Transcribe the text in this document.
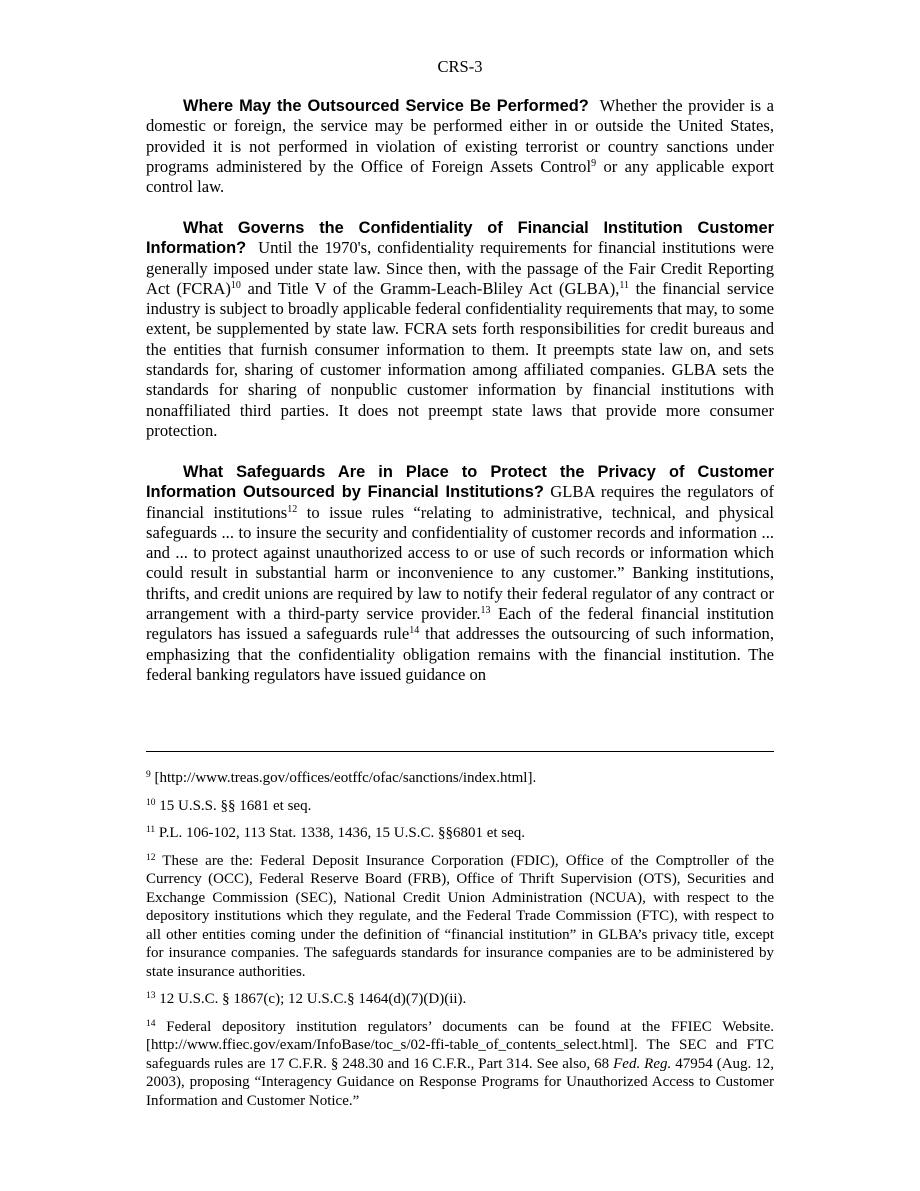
CRS-3

Where May the Outsourced Service Be Performed? Whether the provider is a domestic or foreign, the service may be performed either in or outside the United States, provided it is not performed in violation of existing terrorist or country sanctions under programs administered by the Office of Foreign Assets Control$^9$ or any applicable export control law.

What Governs the Confidentiality of Financial Institution Customer Information? Until the 1970's, confidentiality requirements for financial institutions were generally imposed under state law. Since then, with the passage of the Fair Credit Reporting Act (FCRA)$^{10}$ and Title V of the Gramm-Leach-Bliley Act (GLBA),$^{11}$ the financial service industry is subject to broadly applicable federal confidentiality requirements that may, to some extent, be supplemented by state law. FCRA sets forth responsibilities for credit bureaus and the entities that furnish consumer information to them. It preempts state law on, and sets standards for, sharing of customer information among affiliated companies. GLBA sets the standards for sharing of nonpublic customer information by financial institutions with nonaffiliated third parties. It does not preempt state laws that provide more consumer protection.

What Safeguards Are in Place to Protect the Privacy of Customer Information Outsourced by Financial Institutions? GLBA requires the regulators of financial institutions$^{12}$ to issue rules “relating to administrative, technical, and physical safeguards ... to insure the security and confidentiality of customer records and information ... and ... to protect against unauthorized access to or use of such records or information which could result in substantial harm or inconvenience to any customer.” Banking institutions, thrifts, and credit unions are required by law to notify their federal regulator of any contract or arrangement with a third-party service provider.$^{13}$ Each of the federal financial institution regulators has issued a safeguards rule$^{14}$ that addresses the outsourcing of such information, emphasizing that the confidentiality obligation remains with the financial institution. The federal banking regulators have issued guidance on

$^9$ [http://www.treas.gov/offices/eotffc/ofac/sanctions/index.html].

$^{10}$ 15 U.S.S. §§ 1681 et seq.

$^{11}$ P.L. 106-102, 113 Stat. 1338, 1436, 15 U.S.C. §§6801 et seq.

$^{12}$ These are the: Federal Deposit Insurance Corporation (FDIC), Office of the Comptroller of the Currency (OCC), Federal Reserve Board (FRB), Office of Thrift Supervision (OTS), Securities and Exchange Commission (SEC), National Credit Union Administration (NCUA), with respect to the depository institutions which they regulate, and the Federal Trade Commission (FTC), with respect to all other entities coming under the definition of “financial institution” in GLBA’s privacy title, except for insurance companies. The safeguards standards for insurance companies are to be administered by state insurance authorities.

$^{13}$ 12 U.S.C. § 1867(c); 12 U.S.C.§ 1464(d)(7)(D)(ii).

$^{14}$ Federal depository institution regulators’ documents can be found at the FFIEC Website. [http://www.ffiec.gov/exam/InfoBase/toc_s/02-ffi-table_of_contents_select.html]. The SEC and FTC safeguards rules are 17 C.F.R. § 248.30 and 16 C.F.R., Part 314. See also, 68 Fed. Reg. 47954 (Aug. 12, 2003), proposing “Interagency Guidance on Response Programs for Unauthorized Access to Customer Information and Customer Notice.”
